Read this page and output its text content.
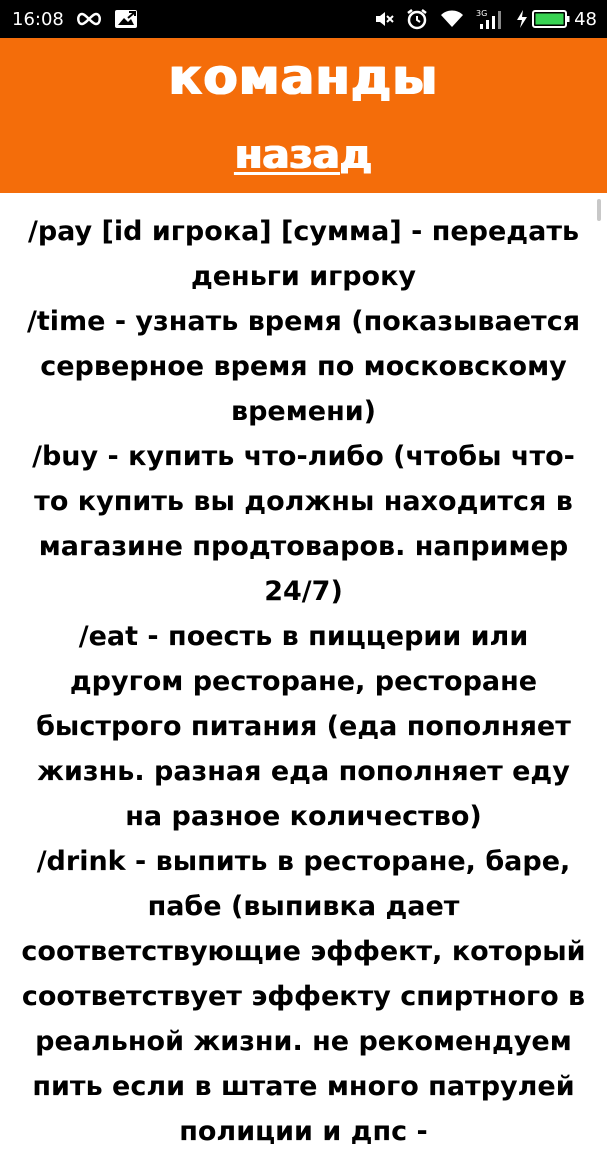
16:08	3G	48
команды
назад
/pay [id игрока] [сумма] - передать деньги игроку
/time - узнать время (показывается серверное время по московскому времени)
/buy - купить что-либо (чтобы что-то купить вы должны находится в магазине продтоваров. например 24/7)
/eat - поесть в пиццерии или другом ресторане, ресторане быстрого питания (еда пополняет жизнь. разная еда пополняет еду на разное количество)
/drink - выпить в ресторане, баре, пабе (выпивка дает соответствующие эффект, который соответствует эффекту спиртного в реальной жизни. не рекомендуем пить если в штате много патрулей полиции и дпс -
